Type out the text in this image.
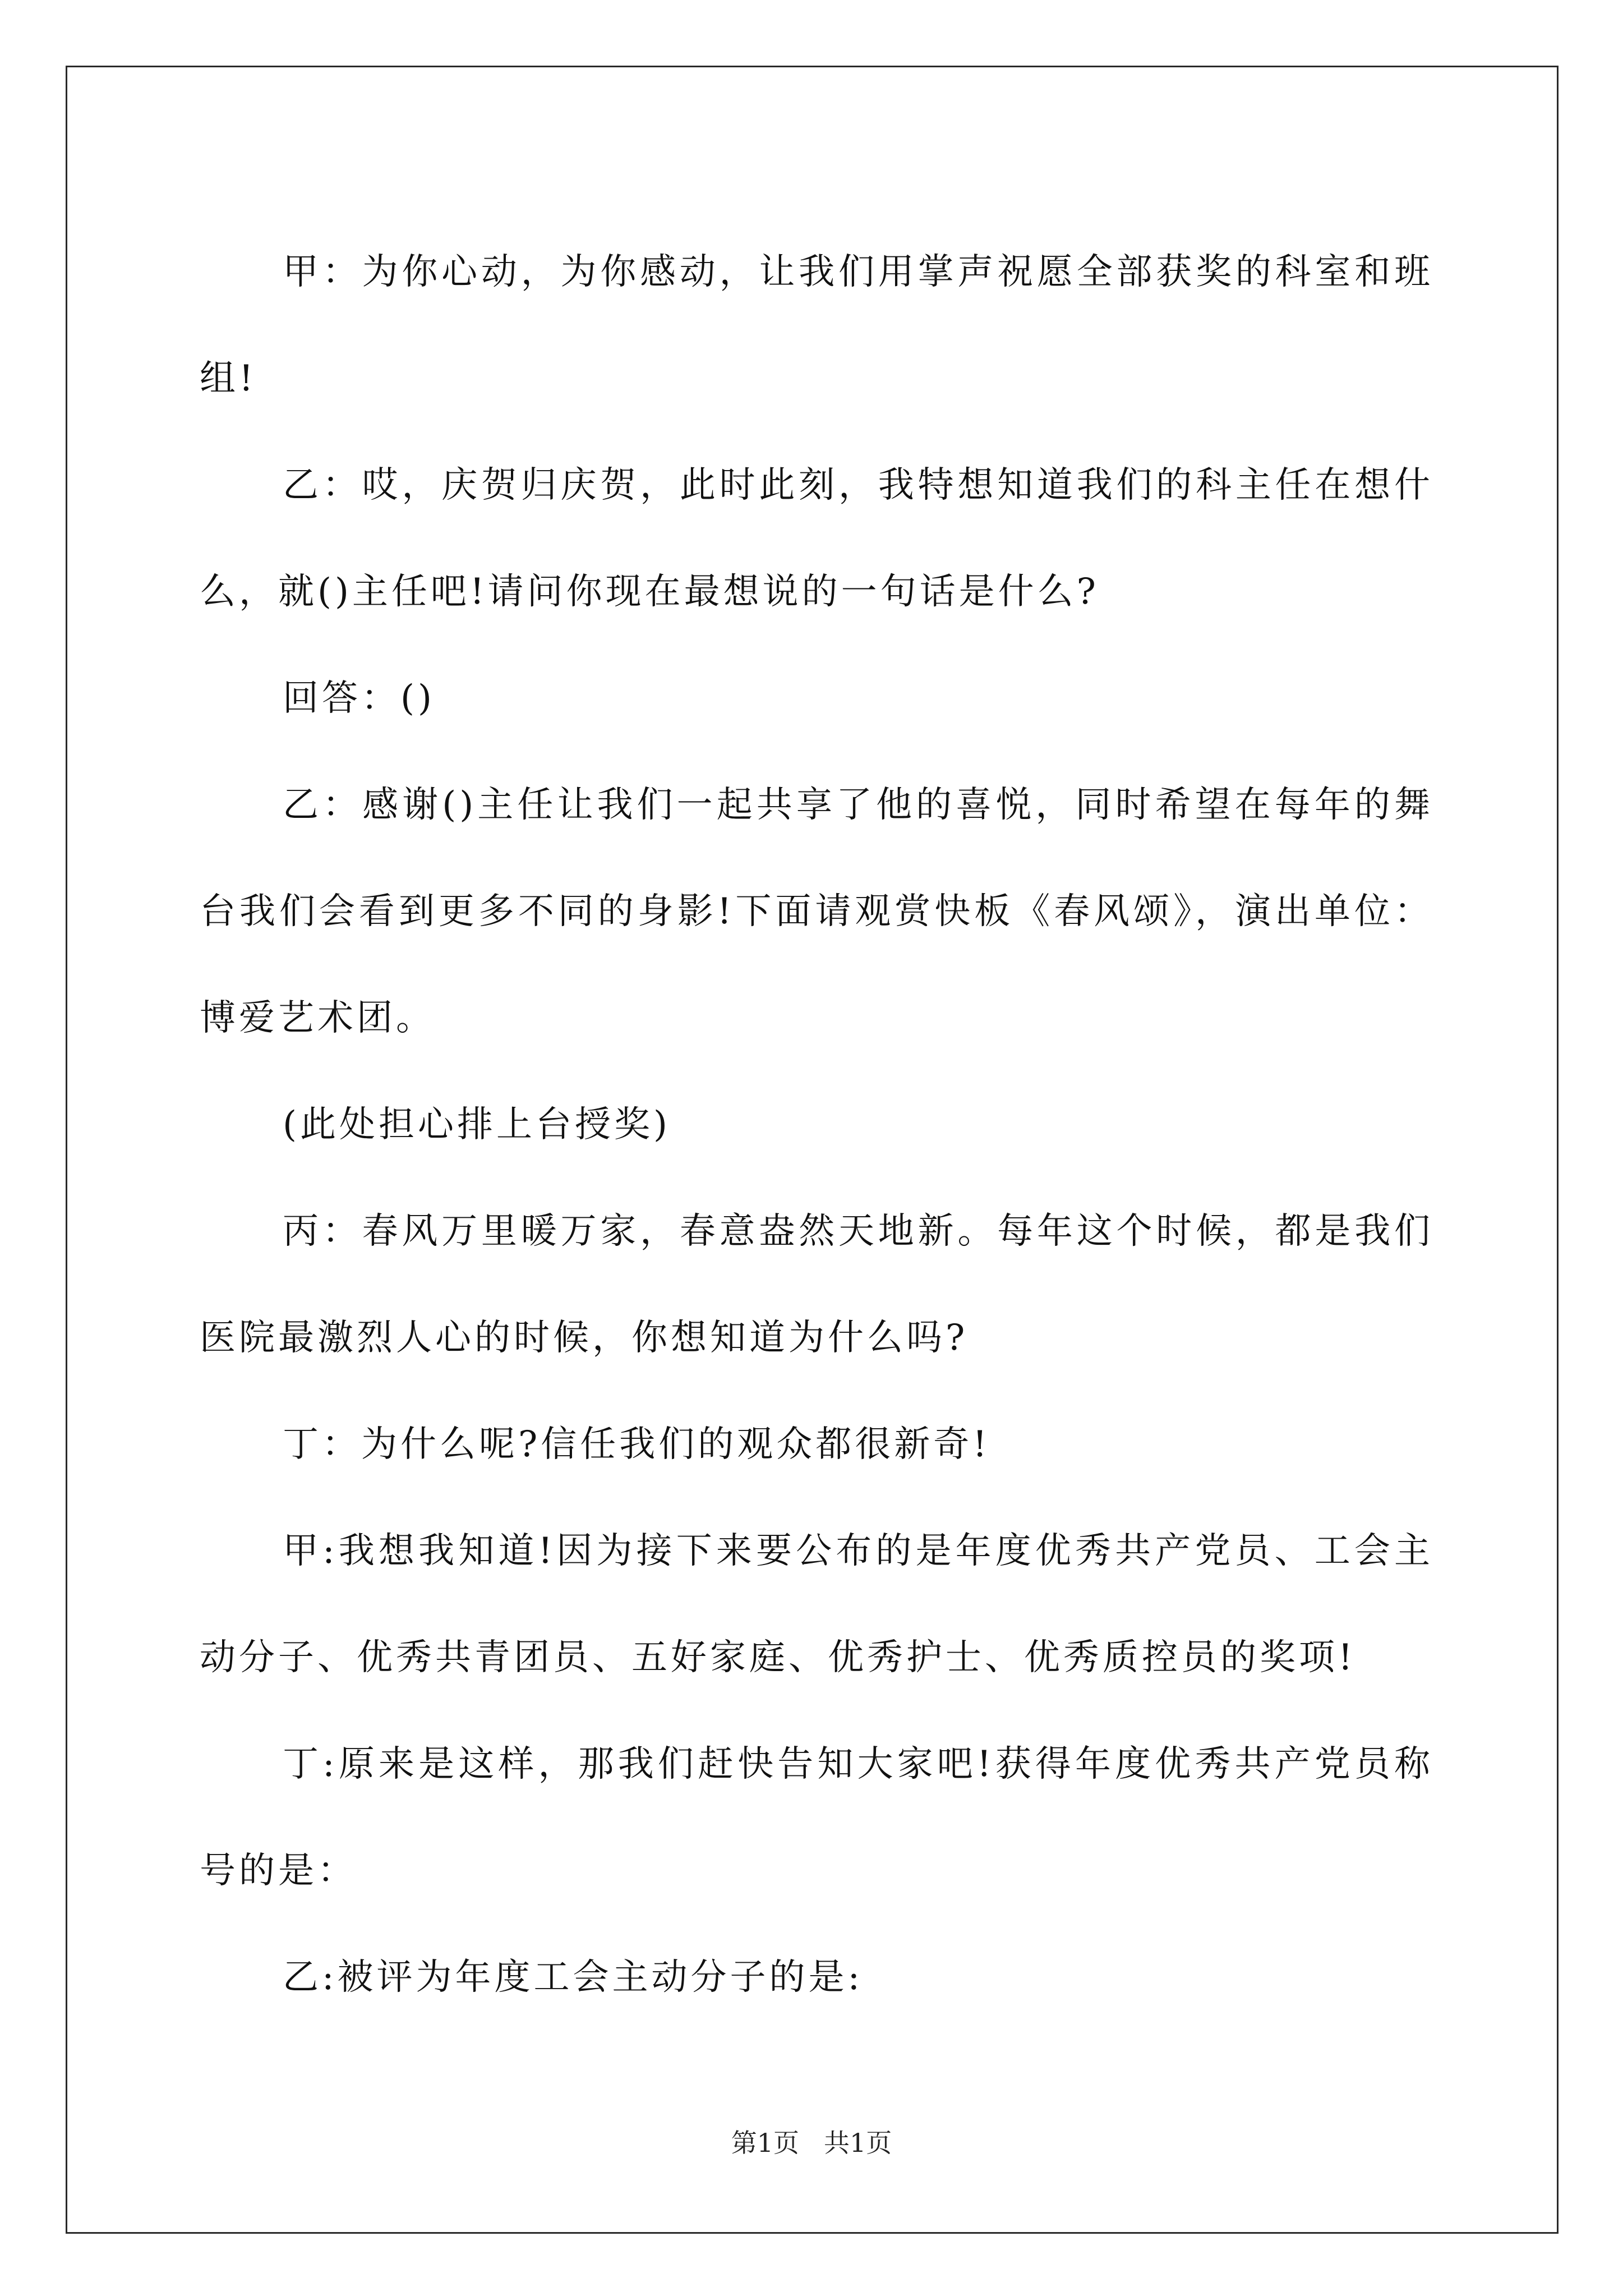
甲：为你心动，为你感动，让我们用掌声祝愿全部获奖的科室和班组!

乙：哎，庆贺归庆贺，此时此刻，我特想知道我们的科主任在想什么，就()主任吧!请问你现在最想说的一句话是什么?

回答：()

乙：感谢()主任让我们一起共享了他的喜悦，同时希望在每年的舞台我们会看到更多不同的身影!下面请观赏快板《春风颂》，演出单位：博爱艺术团。

(此处担心排上台授奖)

丙：春风万里暖万家，春意盎然天地新。每年这个时候，都是我们医院最激烈人心的时候，你想知道为什么吗?

丁：为什么呢?信任我们的观众都很新奇!

甲:我想我知道!因为接下来要公布的是年度优秀共产党员、工会主动分子、优秀共青团员、五好家庭、优秀护士、优秀质控员的奖项!

丁:原来是这样，那我们赶快告知大家吧!获得年度优秀共产党员称号的是：

乙:被评为年度工会主动分子的是:

第1页 共1页
